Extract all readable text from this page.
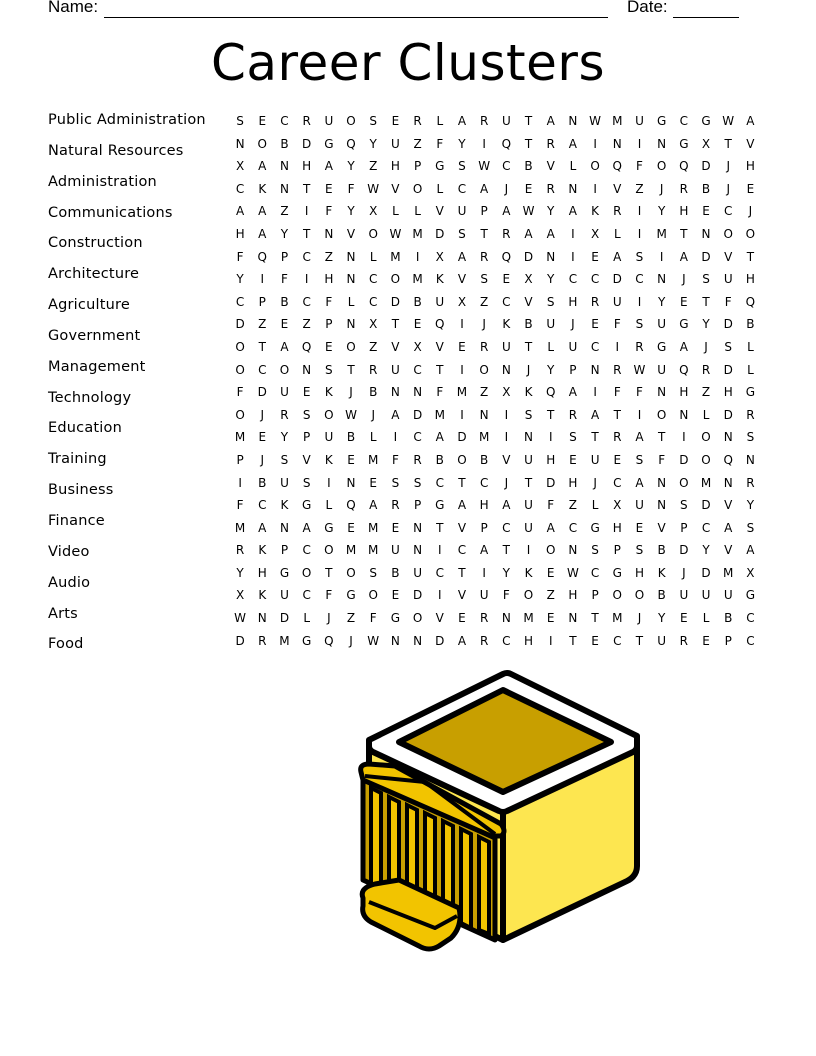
Name:	Date:
Career Clusters
Public Administration
Natural Resources
Administration
Communications
Construction
Architecture
Agriculture
Government
Management
Technology
Education
Training
Business
Finance
Video
Audio
Arts
Food
S	E	C	R	U	O	S	E	R	L	A	R	U	T	A	N W M	U	G	C	G W	A
N	O	B	D	G	Q	Y	U	Z	F	Y	I	Q	T	R	A	I	N	I	N	G	X	T	V
X	A	N	H	A	Y	Z	H	P	G	S	W	C	B	V	L	O	Q	F	O	Q	D	J	H
C	K	N	T	E	F	W	V	O	L	C	A	J	E	R	N	I	V	Z	J	R	B	J	E
A	A	Z	I	F	Y	X	L	L	V	U	P	A	W	Y	A	K	R	I	Y	H	E	C	J
H	A	Y	T	N	V	O W M	D	S	T	R	A	A	I	X	L	I	M	T	N	O	O
F	Q	P	C	Z	N	L	M	I	X	A	R	Q	D	N	I	E	A	S	I	A	D	V	T
Y	I	F	I	H	N	C	O	M	K	V	S	E	X	Y	C	C	D	C	N	J	S	U	H
C	P	B	C	F	L	C	D	B	U	X	Z	C	V	S	H	R	U	I	Y	E	T	F	Q
D	Z	E	Z	P	N	X	T	E	Q	I	J	K	B	U	J	E	F	S	U	G	Y	D	B
O	T	A	Q	E	O	Z	V	X	V	E	R	U	T	L	U	C	I	R	G	A	J	S	L
O	C	O	N	S	T	R	U	C	T	I	O	N	J	Y	P	N	R	W U	Q	R	D	L
F	D	U	E	K	J	B	N	N	F	M	Z	X	K	Q	A	I	F	F	N	H	Z	H	G
O	J	R	S	O W	J	A	D	M	I	N	I	S	T	R	A	T	I	O	N	L	D	R
M	E	Y	P	U	B	L	I	C	A	D	M	I	N	I	S	T	R	A	T	I	O	N	S
P	J	S	V	K	E	M	F	R	B	O	B	V	U	H	E	U	E	S	F	D	O	Q	N
I	B	U	S	I	N	E	S	S	C	T	C	J	T	D	H	J	C	A	N	O	M	N	R
F	C	K	G	L	Q	A	R	P	G	A	H	A	U	F	Z	L	X	U	N	S	D	V	Y
M	A	N	A	G	E	M	E	N	T	V	P	C	U	A	C	G	H	E	V	P	C	A	S
R	K	P	C	O	M M	U	N	I	C	A	T	I	O	N	S	P	S	B	D	Y	V	A
Y	H	G	O	T	O	S	B	U	C	T	I	Y	K	E	W	C	G	H	K	J	D	M	X
X	K	U	C	F	G	O	E	D	I	V	U	F	O	Z	H	P	O	O	B	U	U	U	G
W N	D	L	J	Z	F	G	O	V	E	R	N	M	E	N	T	M	J	Y	E	L	B	C
D	R	M	G	Q	J	W N	N	D	A	R	C	H	I	T	E	C	T	U	R	E	P	C
